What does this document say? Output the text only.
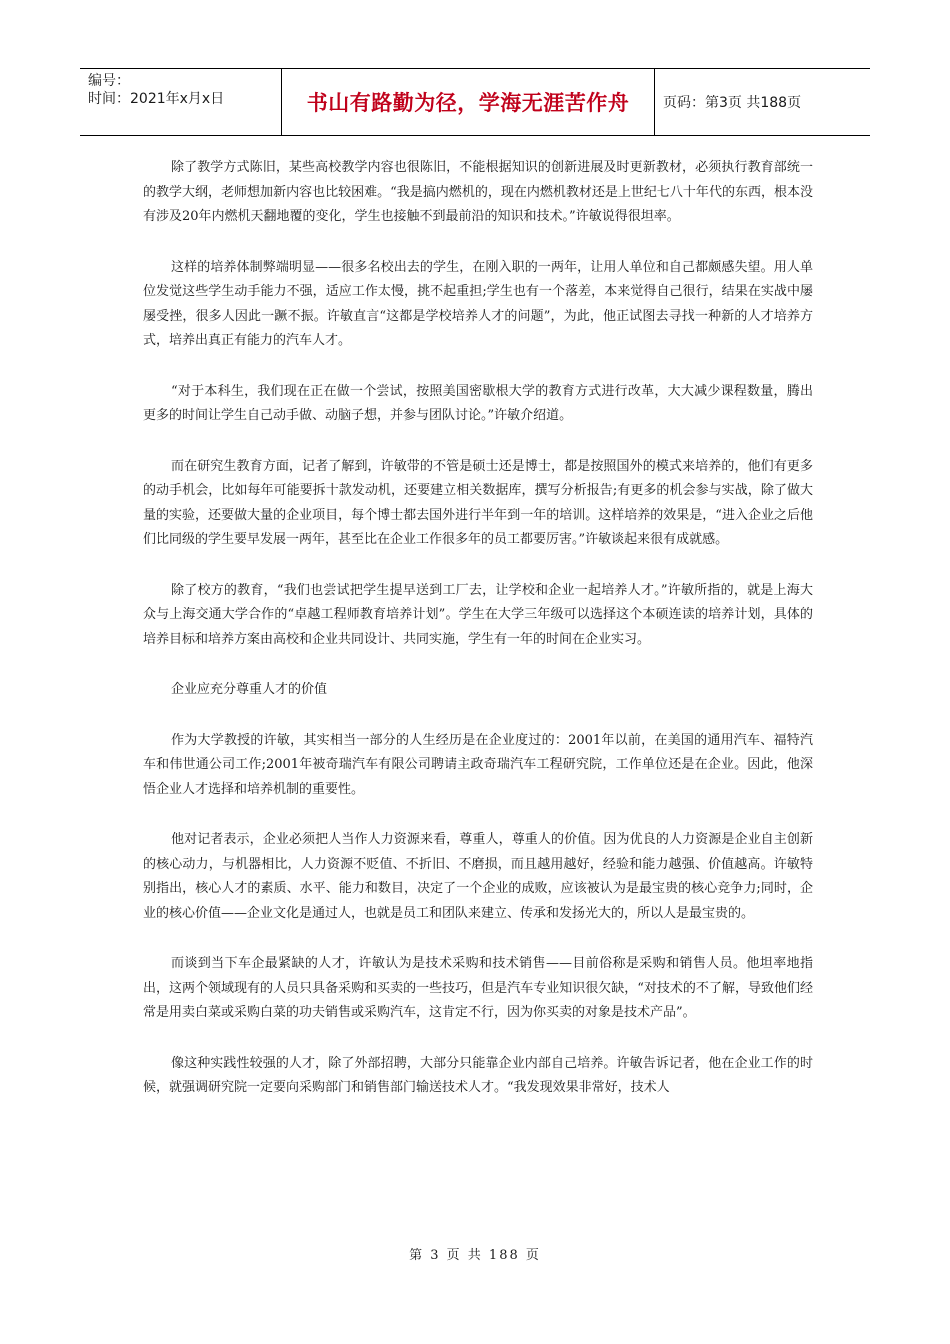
编号：
时间：2021年x月x日	书山有路勤为径，学海无涯苦作舟	页码：第3页 共188页

除了教学方式陈旧，某些高校教学内容也很陈旧，不能根据知识的创新进展及时更新教材，必须执行教育部统一的教学大纲，老师想加新内容也比较困难。“我是搞内燃机的，现在内燃机教材还是上世纪七八十年代的东西，根本没有涉及20年内燃机天翻地覆的变化，学生也接触不到最前沿的知识和技术。”许敏说得很坦率。

这样的培养体制弊端明显——很多名校出去的学生，在刚入职的一两年，让用人单位和自己都颇感失望。用人单位发觉这些学生动手能力不强，适应工作太慢，挑不起重担;学生也有一个落差，本来觉得自己很行，结果在实战中屡屡受挫，很多人因此一蹶不振。许敏直言“这都是学校培养人才的问题”，为此，他正试图去寻找一种新的人才培养方式，培养出真正有能力的汽车人才。

“对于本科生，我们现在正在做一个尝试，按照美国密歇根大学的教育方式进行改革，大大减少课程数量，腾出更多的时间让学生自己动手做、动脑子想，并参与团队讨论。”许敏介绍道。

而在研究生教育方面，记者了解到，许敏带的不管是硕士还是博士，都是按照国外的模式来培养的，他们有更多的动手机会，比如每年可能要拆十款发动机，还要建立相关数据库，撰写分析报告;有更多的机会参与实战，除了做大量的实验，还要做大量的企业项目，每个博士都去国外进行半年到一年的培训。这样培养的效果是，“进入企业之后他们比同级的学生要早发展一两年，甚至比在企业工作很多年的员工都要厉害。”许敏谈起来很有成就感。

除了校方的教育，“我们也尝试把学生提早送到工厂去，让学校和企业一起培养人才。”许敏所指的，就是上海大众与上海交通大学合作的“卓越工程师教育培养计划”。学生在大学三年级可以选择这个本硕连读的培养计划，具体的培养目标和培养方案由高校和企业共同设计、共同实施，学生有一年的时间在企业实习。

企业应充分尊重人才的价值

作为大学教授的许敏，其实相当一部分的人生经历是在企业度过的：2001年以前，在美国的通用汽车、福特汽车和伟世通公司工作;2001年被奇瑞汽车有限公司聘请主政奇瑞汽车工程研究院，工作单位还是在企业。因此，他深悟企业人才选择和培养机制的重要性。

他对记者表示，企业必须把人当作人力资源来看，尊重人，尊重人的价值。因为优良的人力资源是企业自主创新的核心动力，与机器相比，人力资源不贬值、不折旧、不磨损，而且越用越好，经验和能力越强、价值越高。许敏特别指出，核心人才的素质、水平、能力和数目，决定了一个企业的成败，应该被认为是最宝贵的核心竞争力;同时，企业的核心价值——企业文化是通过人，也就是员工和团队来建立、传承和发扬光大的，所以人是最宝贵的。

而谈到当下车企最紧缺的人才，许敏认为是技术采购和技术销售——目前俗称是采购和销售人员。他坦率地指出，这两个领域现有的人员只具备采购和买卖的一些技巧，但是汽车专业知识很欠缺，“对技术的不了解，导致他们经常是用卖白菜或采购白菜的功夫销售或采购汽车，这肯定不行，因为你买卖的对象是技术产品”。

像这种实践性较强的人才，除了外部招聘，大部分只能靠企业内部自己培养。许敏告诉记者，他在企业工作的时候，就强调研究院一定要向采购部门和销售部门输送技术人才。“我发现效果非常好，技术人

第 3 页 共 188 页
